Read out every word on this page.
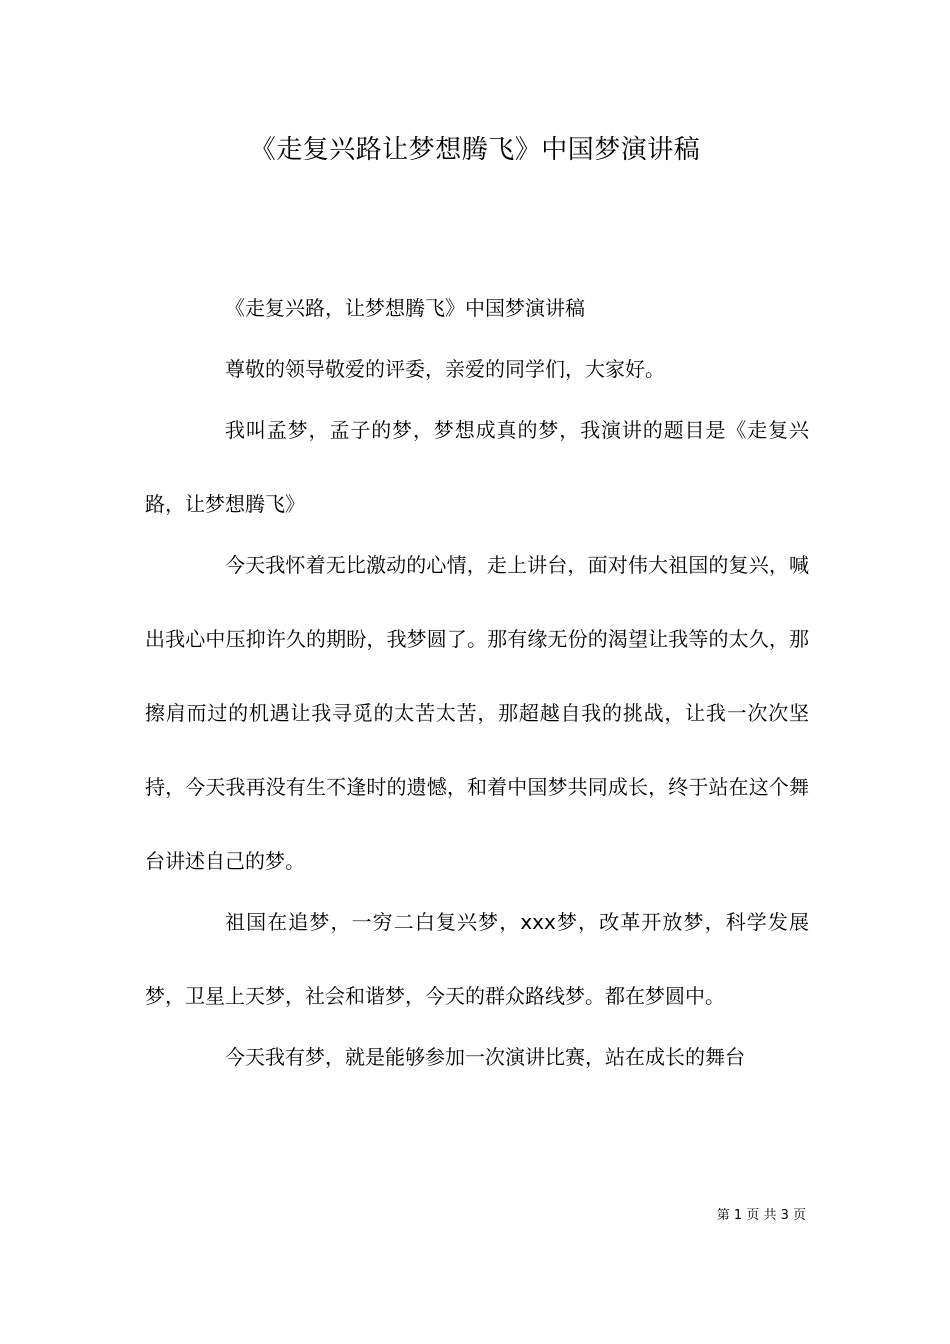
《走复兴路让梦想腾飞》中国梦演讲稿

《走复兴路，让梦想腾飞》中国梦演讲稿

尊敬的领导敬爱的评委，亲爱的同学们，大家好。

我叫孟梦，孟子的梦，梦想成真的梦，我演讲的题目是《走复兴路，让梦想腾飞》

今天我怀着无比激动的心情，走上讲台，面对伟大祖国的复兴，喊出我心中压抑许久的期盼，我梦圆了。那有缘无份的渴望让我等的太久，那擦肩而过的机遇让我寻觅的太苦太苦，那超越自我的挑战，让我一次次坚持，今天我再没有生不逢时的遗憾，和着中国梦共同成长，终于站在这个舞台讲述自己的梦。

祖国在追梦，一穷二白复兴梦，xxx梦，改革开放梦，科学发展梦，卫星上天梦，社会和谐梦，今天的群众路线梦。都在梦圆中。

今天我有梦，就是能够参加一次演讲比赛，站在成长的舞台

第 1 页 共 3 页
